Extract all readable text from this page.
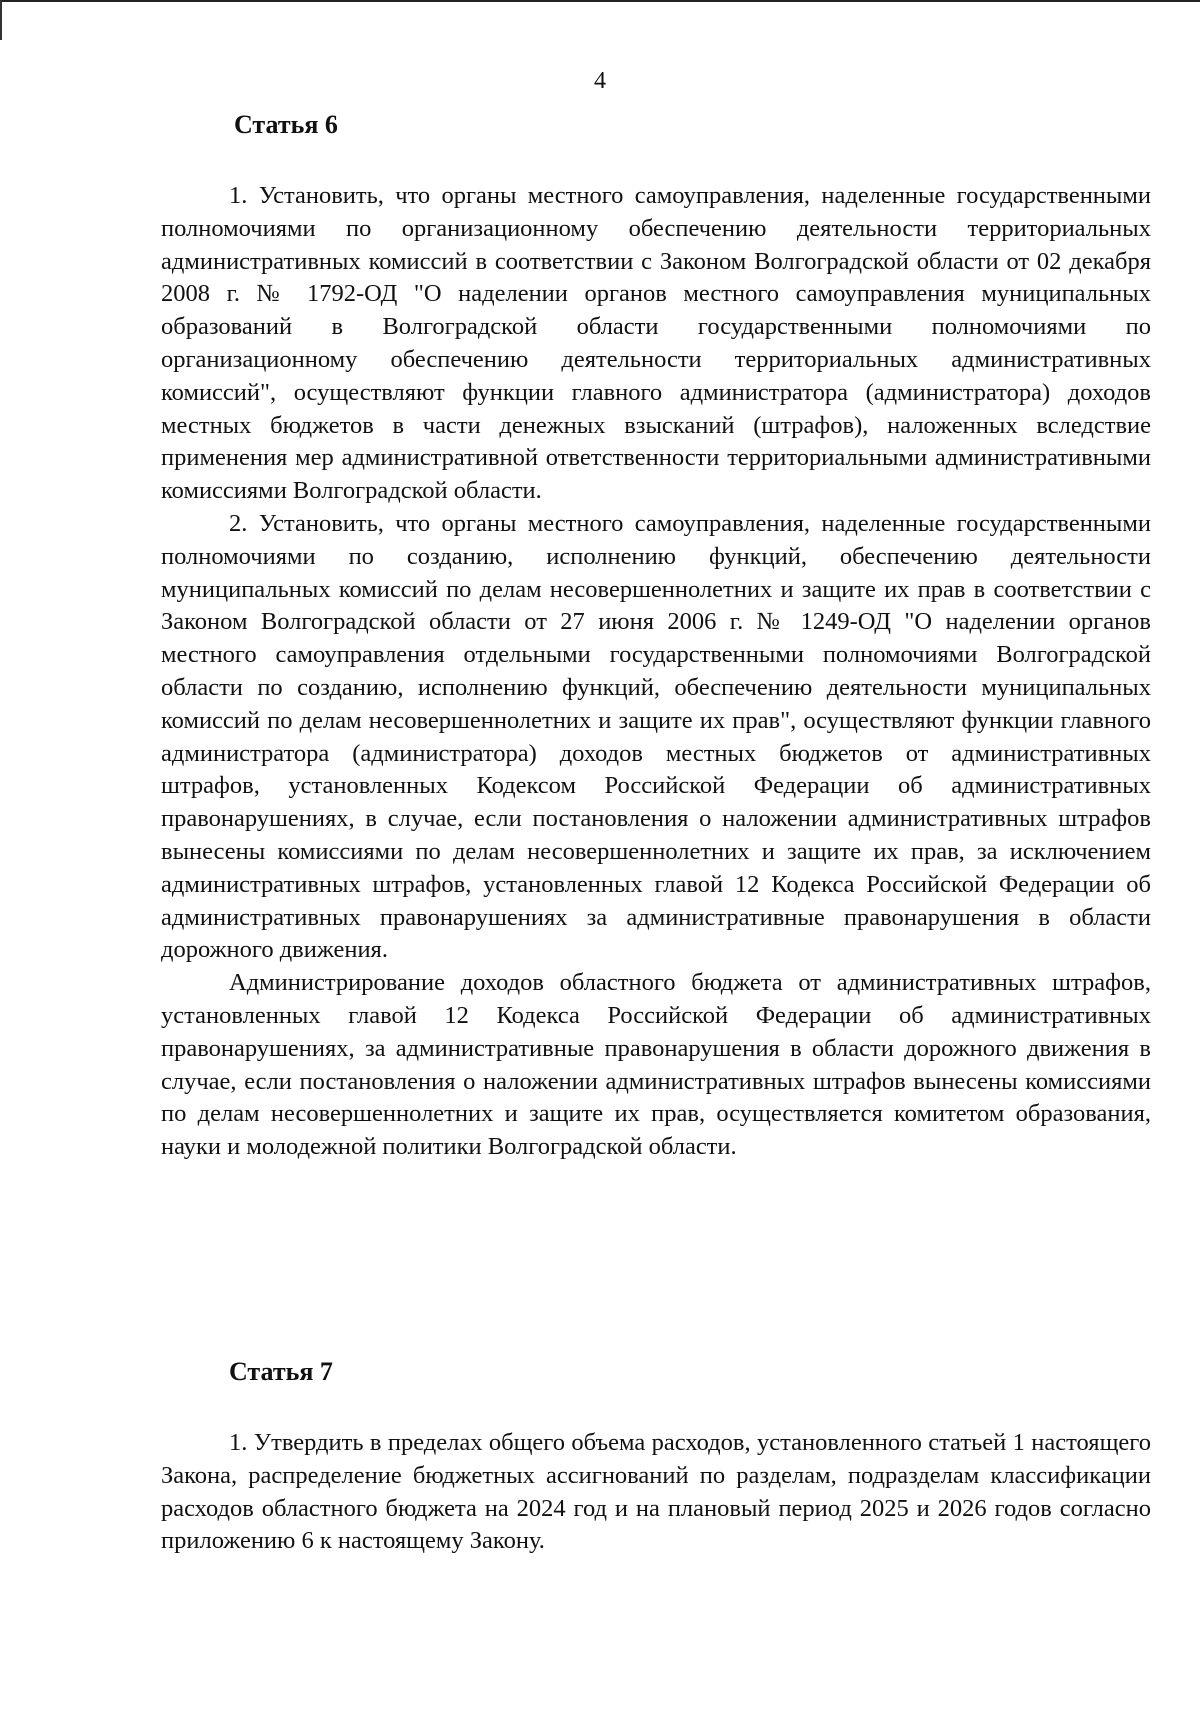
4
Статья 6

1. Установить, что органы местного самоуправления, наделенные государственными полномочиями по организационному обеспечению деятельности территориальных административных комиссий в соответствии с Законом Волгоградской области от 02 декабря 2008 г. № 1792-ОД "О наделении органов местного самоуправления муниципальных образований в Волгоградской области государственными полномочиями по организационному обеспечению деятельности территориальных административных комиссий", осуществляют функции главного администратора (администратора) доходов местных бюджетов в части денежных взысканий (штрафов), наложенных вследствие применения мер административной ответственности территориальными административными комиссиями Волгоградской области.

2. Установить, что органы местного самоуправления, наделенные государственными полномочиями по созданию, исполнению функций, обеспечению деятельности муниципальных комиссий по делам несовершеннолетних и защите их прав в соответствии с Законом Волгоградской области от 27 июня 2006 г. № 1249-ОД "О наделении органов местного самоуправления отдельными государственными полномочиями Волгоградской области по созданию, исполнению функций, обеспечению деятельности муниципальных комиссий по делам несовершеннолетних и защите их прав", осуществляют функции главного администратора (администратора) доходов местных бюджетов от административных штрафов, установленных Кодексом Российской Федерации об административных правонарушениях, в случае, если постановления о наложении административных штрафов вынесены комиссиями по делам несовершеннолетних и защите их прав, за исключением административных штрафов, установленных главой 12 Кодекса Российской Федерации об административных правонарушениях за административные правонарушения в области дорожного движения.

Администрирование доходов областного бюджета от административных штрафов, установленных главой 12 Кодекса Российской Федерации об административных правонарушениях, за административные правонарушения в области дорожного движения в случае, если постановления о наложении административных штрафов вынесены комиссиями по делам несовершеннолетних и защите их прав, осуществляется комитетом образования, науки и молодежной политики Волгоградской области.

Статья 7

1. Утвердить в пределах общего объема расходов, установленного статьей 1 настоящего Закона, распределение бюджетных ассигнований по разделам, подразделам классификации расходов областного бюджета на 2024 год и на плановый период 2025 и 2026 годов согласно приложению 6 к настоящему Закону.
